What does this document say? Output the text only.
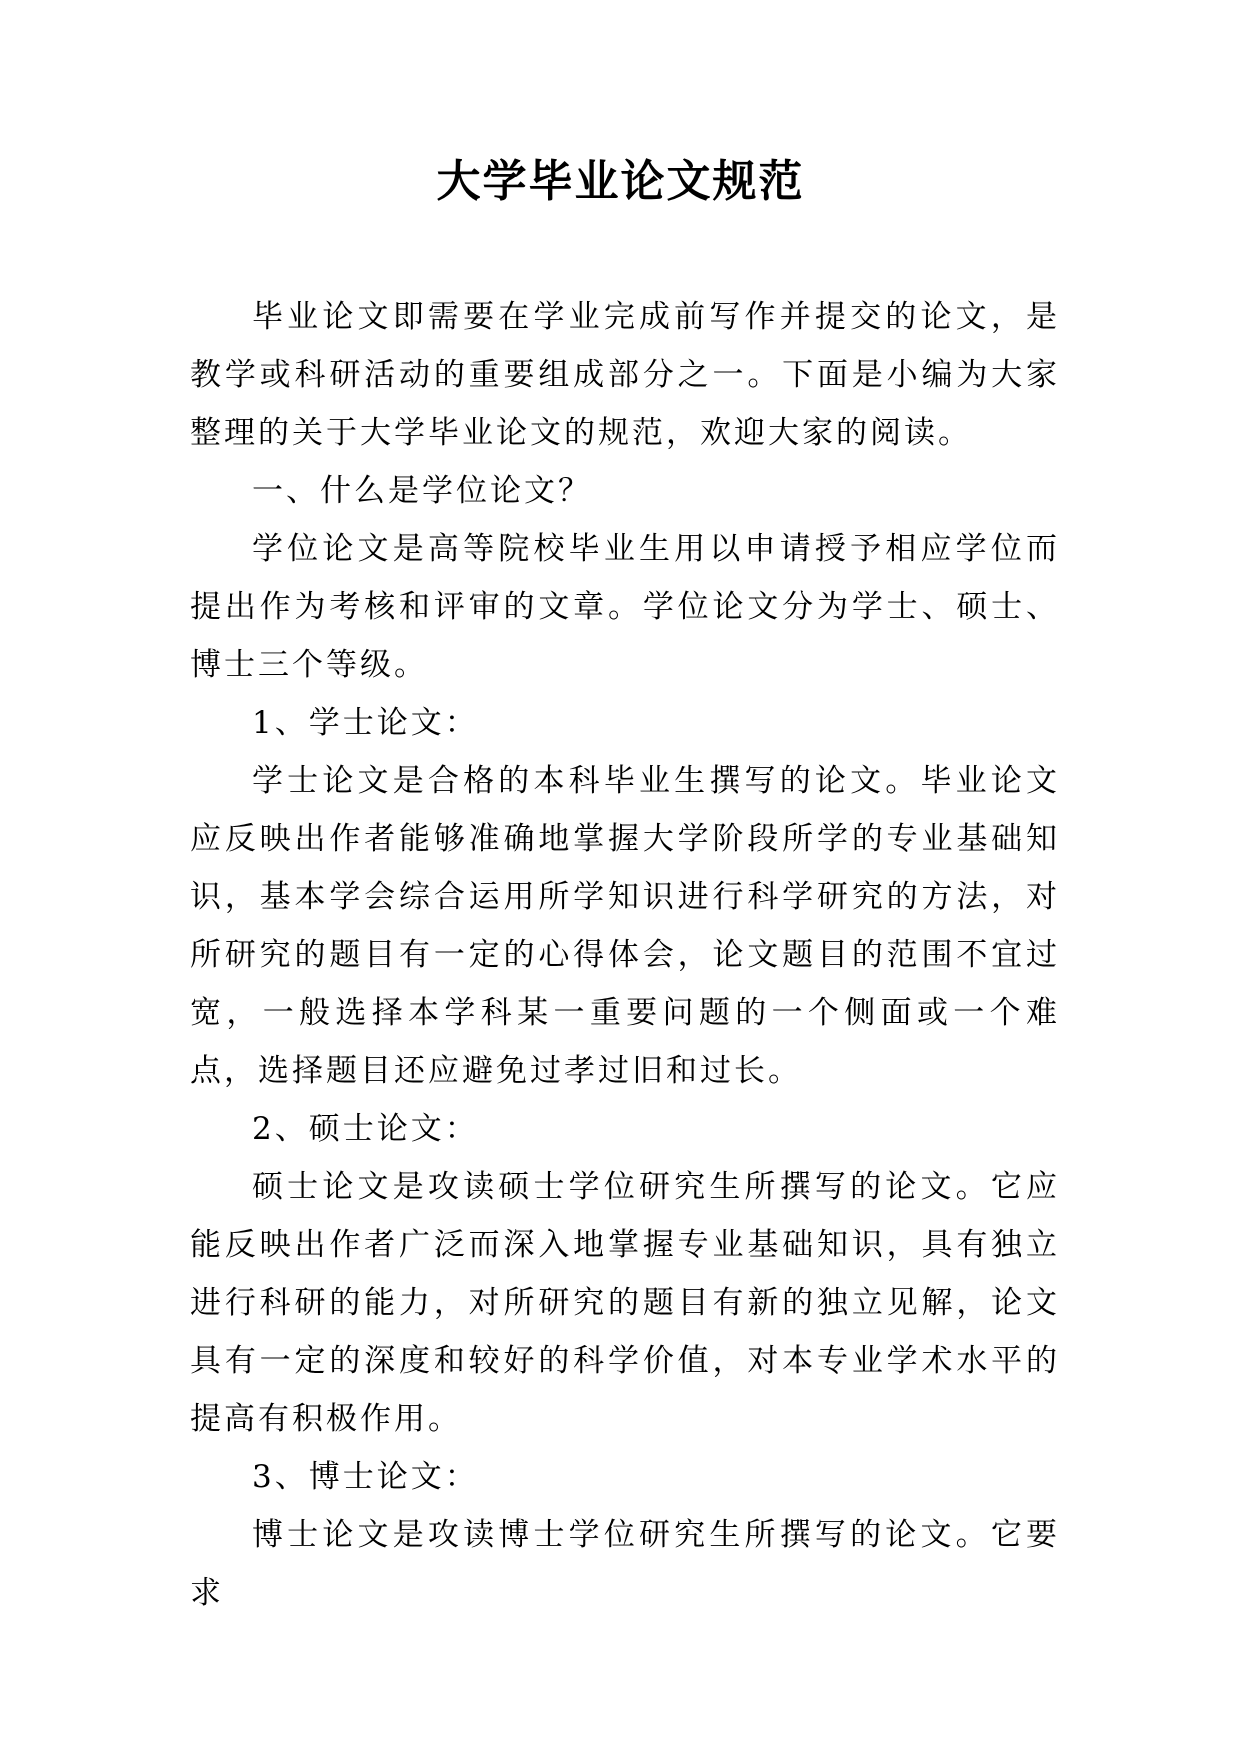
大学毕业论文规范

毕业论文即需要在学业完成前写作并提交的论文，是教学或科研活动的重要组成部分之一。下面是小编为大家整理的关于大学毕业论文的规范，欢迎大家的阅读。

一、什么是学位论文？

学位论文是高等院校毕业生用以申请授予相应学位而提出作为考核和评审的文章。学位论文分为学士、硕士、博士三个等级。

1、学士论文：

学士论文是合格的本科毕业生撰写的论文。毕业论文应反映出作者能够准确地掌握大学阶段所学的专业基础知识，基本学会综合运用所学知识进行科学研究的方法，对所研究的题目有一定的心得体会，论文题目的范围不宜过宽，一般选择本学科某一重要问题的一个侧面或一个难点，选择题目还应避免过孝过旧和过长。

2、硕士论文：

硕士论文是攻读硕士学位研究生所撰写的论文。它应能反映出作者广泛而深入地掌握专业基础知识，具有独立进行科研的能力，对所研究的题目有新的独立见解，论文具有一定的深度和较好的科学价值，对本专业学术水平的提高有积极作用。

3、博士论文：

博士论文是攻读博士学位研究生所撰写的论文。它要求
